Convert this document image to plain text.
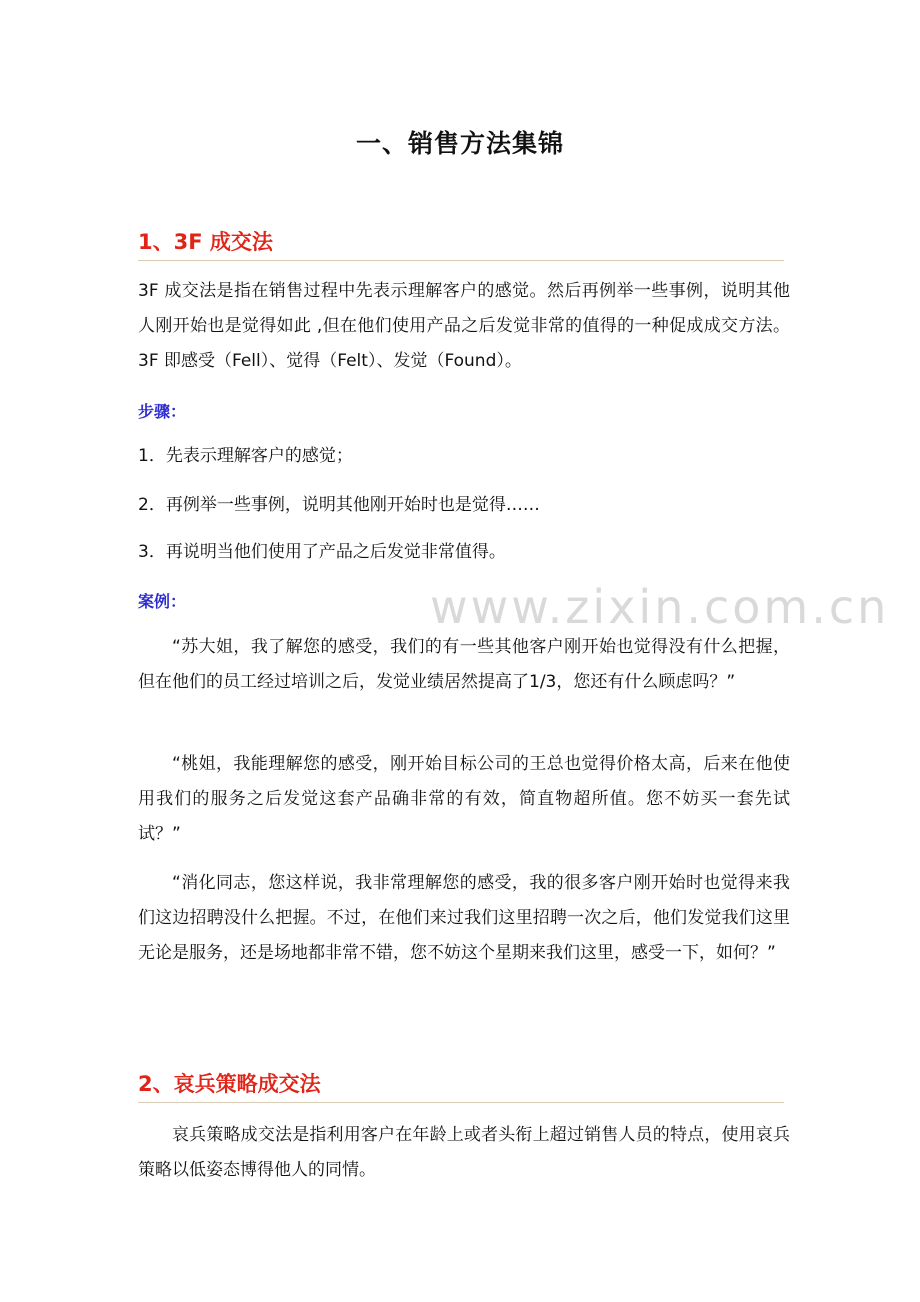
www.zixin.com.cn
一、销售方法集锦
1、3F 成交法

3F 成交法是指在销售过程中先表示理解客户的感觉。然后再例举一些事例，说明其他人刚开始也是觉得如此 ,但在他们使用产品之后发觉非常的值得的一种促成成交方法。3F 即感受（Fell）、觉得（Felt）、发觉（Found）。

步骤：
1．先表示理解客户的感觉；
2．再例举一些事例，说明其他刚开始时也是觉得……
3．再说明当他们使用了产品之后发觉非常值得。
案例：

“苏大姐，我了解您的感受，我们的有一些其他客户刚开始也觉得没有什么把握，但在他们的员工经过培训之后，发觉业绩居然提高了1/3，您还有什么顾虑吗？”

“桃姐，我能理解您的感受，刚开始目标公司的王总也觉得价格太高，后来在他使用我们的服务之后发觉这套产品确非常的有效，简直物超所值。您不妨买一套先试试？”

“消化同志，您这样说，我非常理解您的感受，我的很多客户刚开始时也觉得来我们这边招聘没什么把握。不过，在他们来过我们这里招聘一次之后，他们发觉我们这里无论是服务，还是场地都非常不错，您不妨这个星期来我们这里，感受一下，如何？”

2、哀兵策略成交法

哀兵策略成交法是指利用客户在年龄上或者头衔上超过销售人员的特点，使用哀兵策略以低姿态博得他人的同情。
